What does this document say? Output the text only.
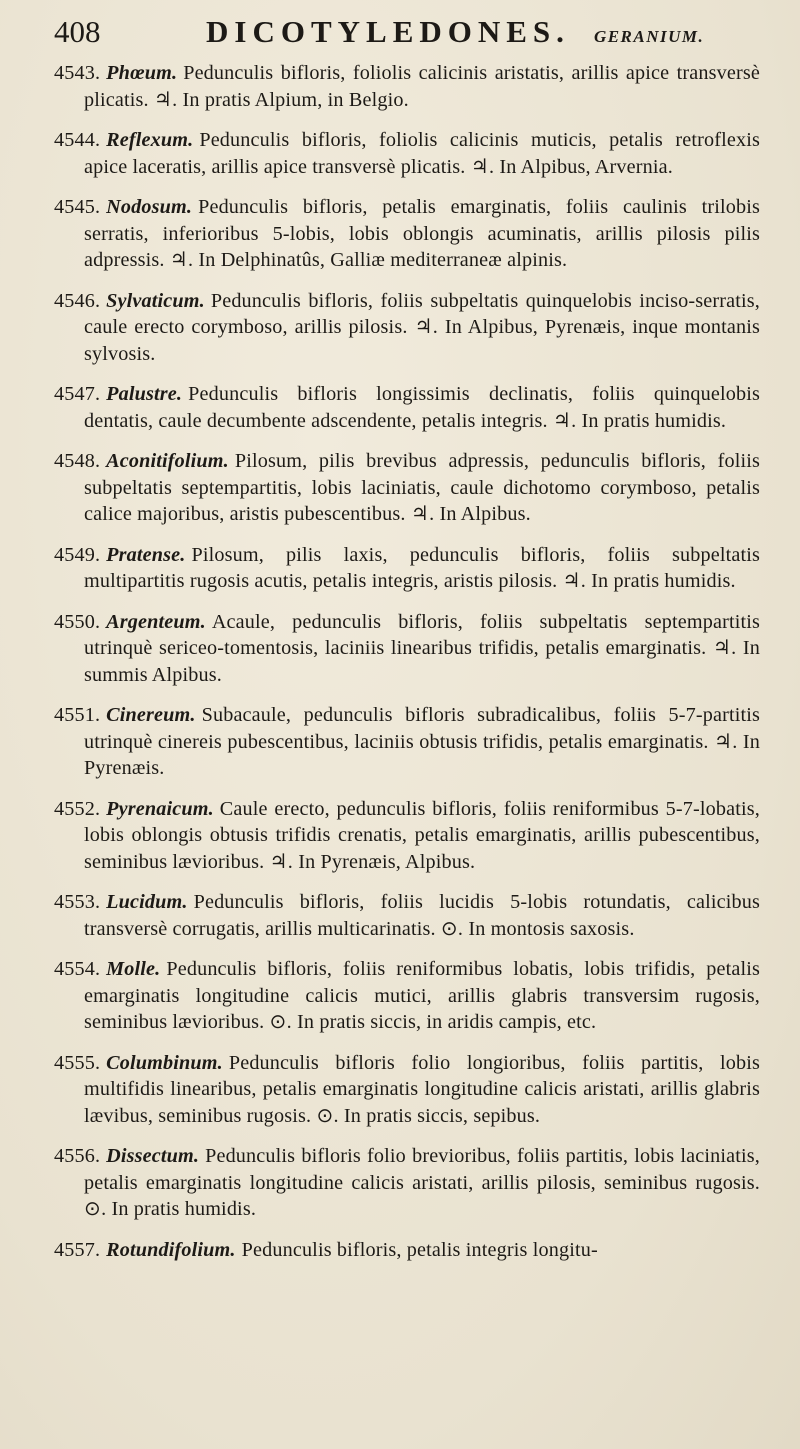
408	DICOTYLEDONES. GERANIUM.

4543. Phœum. Pedunculis bifloris, foliolis calicinis aristatis, arillis apice transversè plicatis. ♃. In pratis Alpium, in Belgio.

4544. Reflexum. Pedunculis bifloris, foliolis calicinis muticis, petalis retroflexis apice laceratis, arillis apice transversè plicatis. ♃. In Alpibus, Arvernia.

4545. Nodosum. Pedunculis bifloris, petalis emarginatis, foliis caulinis trilobis serratis, inferioribus 5-lobis, lobis oblongis acuminatis, arillis pilosis pilis adpressis. ♃. In Delphinatûs, Galliæ mediterraneæ alpinis.

4546. Sylvaticum. Pedunculis bifloris, foliis subpeltatis quinquelobis inciso-serratis, caule erecto corymboso, arillis pilosis. ♃. In Alpibus, Pyrenæis, inque montanis sylvosis.

4547. Palustre. Pedunculis bifloris longissimis declinatis, foliis quinquelobis dentatis, caule decumbente adscendente, petalis integris. ♃. In pratis humidis.

4548. Aconitifolium. Pilosum, pilis brevibus adpressis, pedunculis bifloris, foliis subpeltatis septempartitis, lobis laciniatis, caule dichotomo corymboso, petalis calice majoribus, aristis pubescentibus. ♃. In Alpibus.

4549. Pratense. Pilosum, pilis laxis, pedunculis bifloris, foliis subpeltatis multipartitis rugosis acutis, petalis integris, aristis pilosis. ♃. In pratis humidis.

4550. Argenteum. Acaule, pedunculis bifloris, foliis subpeltatis septempartitis utrinquè sericeo-tomentosis, laciniis linearibus trifidis, petalis emarginatis. ♃. In summis Alpibus.

4551. Cinereum. Subacaule, pedunculis bifloris subradicalibus, foliis 5-7-partitis utrinquè cinereis pubescentibus, laciniis obtusis trifidis, petalis emarginatis. ♃. In Pyrenæis.

4552. Pyrenaicum. Caule erecto, pedunculis bifloris, foliis reniformibus 5-7-lobatis, lobis oblongis obtusis trifidis crenatis, petalis emarginatis, arillis pubescentibus, seminibus lævioribus. ♃. In Pyrenæis, Alpibus.

4553. Lucidum. Pedunculis bifloris, foliis lucidis 5-lobis rotundatis, calicibus transversè corrugatis, arillis multicarinatis. ⊙. In montosis saxosis.

4554. Molle. Pedunculis bifloris, foliis reniformibus lobatis, lobis trifidis, petalis emarginatis longitudine calicis mutici, arillis glabris transversim rugosis, seminibus lævioribus. ⊙. In pratis siccis, in aridis campis, etc.

4555. Columbinum. Pedunculis bifloris folio longioribus, foliis partitis, lobis multifidis linearibus, petalis emarginatis longitudine calicis aristati, arillis glabris lævibus, seminibus rugosis. ⊙. In pratis siccis, sepibus.

4556. Dissectum. Pedunculis bifloris folio brevioribus, foliis partitis, lobis laciniatis, petalis emarginatis longitudine calicis aristati, arillis pilosis, seminibus rugosis. ⊙. In pratis humidis.

4557. Rotundifolium. Pedunculis bifloris, petalis integris longitu-
